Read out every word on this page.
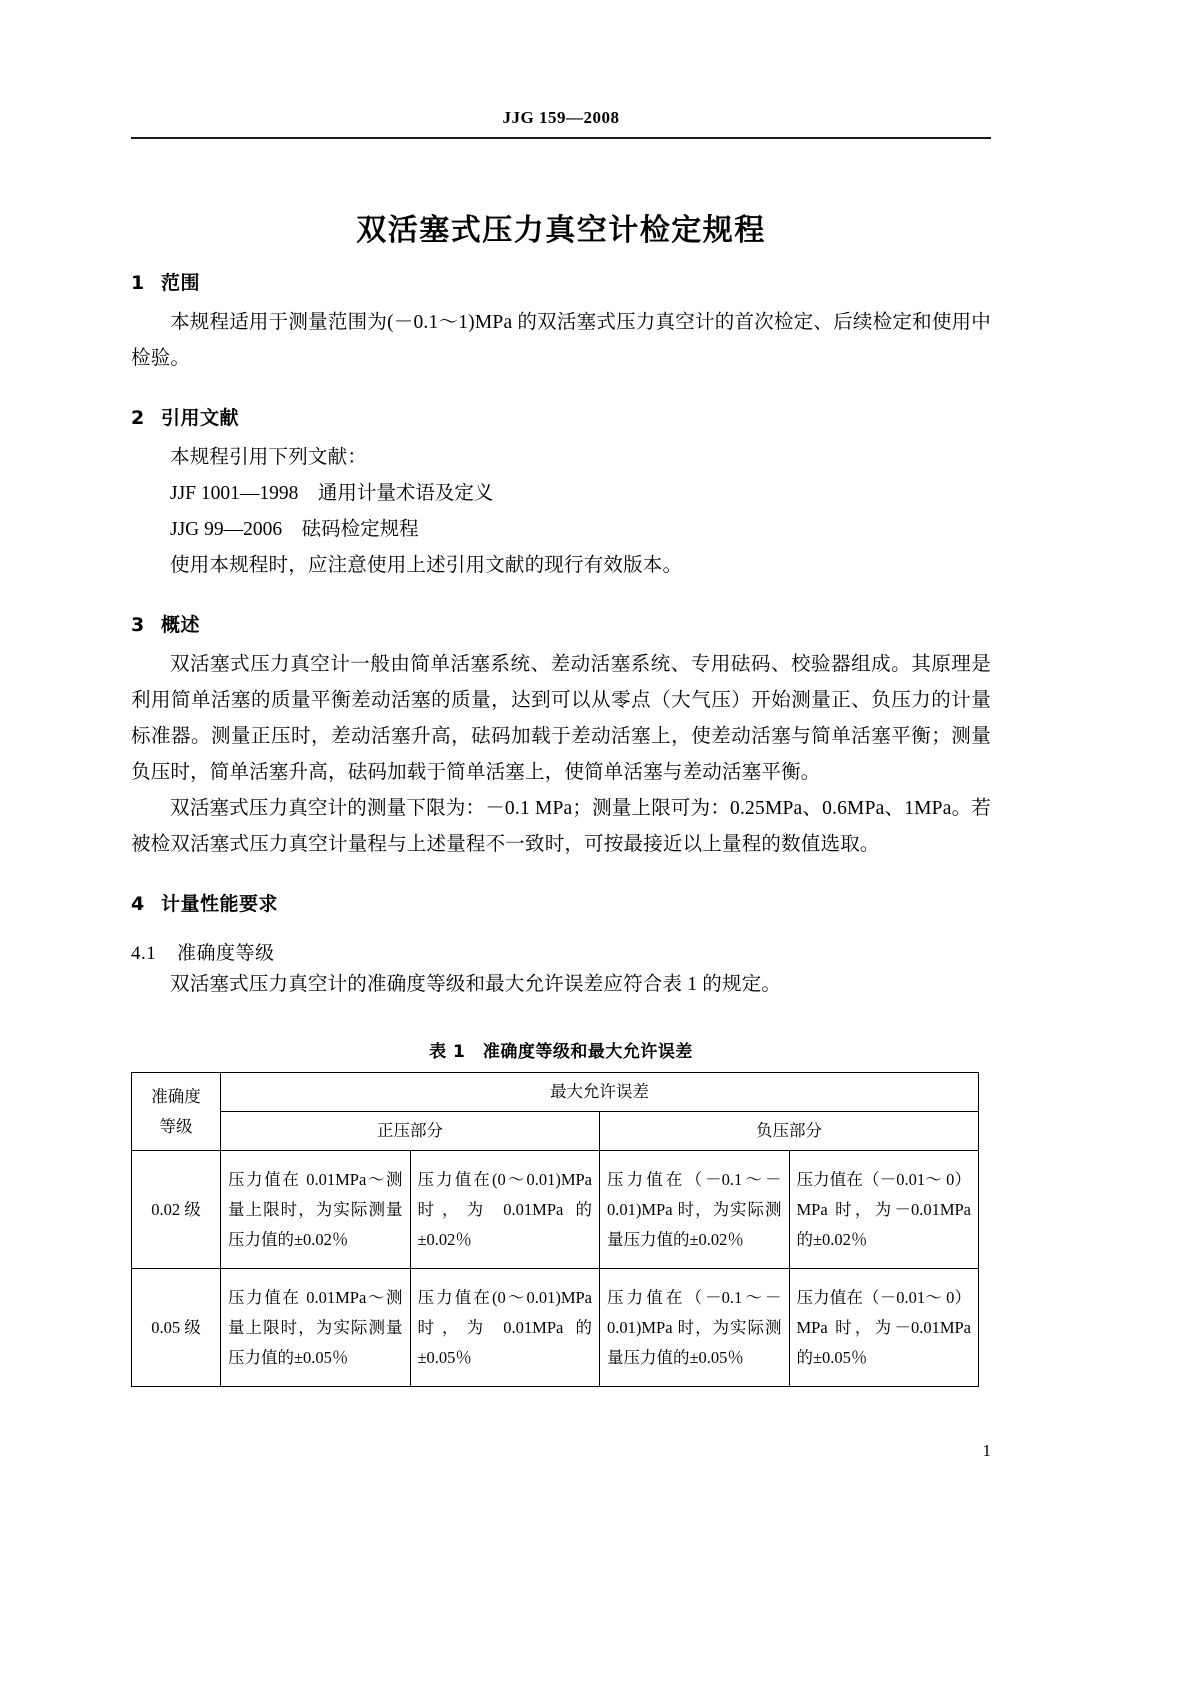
JJG 159—2008
双活塞式压力真空计检定规程
1 范围

本规程适用于测量范围为(－0.1～1)MPa 的双活塞式压力真空计的首次检定、后续检定和使用中检验。

2 引用文献

本规程引用下列文献：

JJF 1001—1998　通用计量术语及定义
JJG 99—2006　砝码检定规程

使用本规程时，应注意使用上述引用文献的现行有效版本。

3 概述

双活塞式压力真空计一般由简单活塞系统、差动活塞系统、专用砝码、校验器组成。其原理是利用简单活塞的质量平衡差动活塞的质量，达到可以从零点（大气压）开始测量正、负压力的计量标准器。测量正压时，差动活塞升高，砝码加载于差动活塞上，使差动活塞与简单活塞平衡；测量负压时，简单活塞升高，砝码加载于简单活塞上，使简单活塞与差动活塞平衡。

双活塞式压力真空计的测量下限为：－0.1 MPa；测量上限可为：0.25MPa、0.6MPa、1MPa。若被检双活塞式压力真空计量程与上述量程不一致时，可按最接近以上量程的数值选取。

4 计量性能要求
4.1 准确度等级

双活塞式压力真空计的准确度等级和最大允许误差应符合表 1 的规定。

表 1　准确度等级和最大允许误差
准确度
等级	最大允许误差			
	正压部分		负压部分	
0.02 级	压力值在 0.01MPa～测量上限时，为实际测量压力值的±0.02％	压力值在(0～0.01)MPa 时，为 0.01MPa 的±0.02％	压力值在（－0.1～－0.01)MPa 时，为实际测量压力值的±0.02％	压力值在（－0.01～ 0）MPa 时，为－0.01MPa的±0.02％
0.05 级	压力值在 0.01MPa～测量上限时，为实际测量压力值的±0.05％	压力值在(0～0.01)MPa 时，为 0.01MPa 的±0.05％	压力值在（－0.1～－0.01)MPa 时，为实际测量压力值的±0.05％	压力值在（－0.01～ 0）MPa 时，为－0.01MPa的±0.05％
1
